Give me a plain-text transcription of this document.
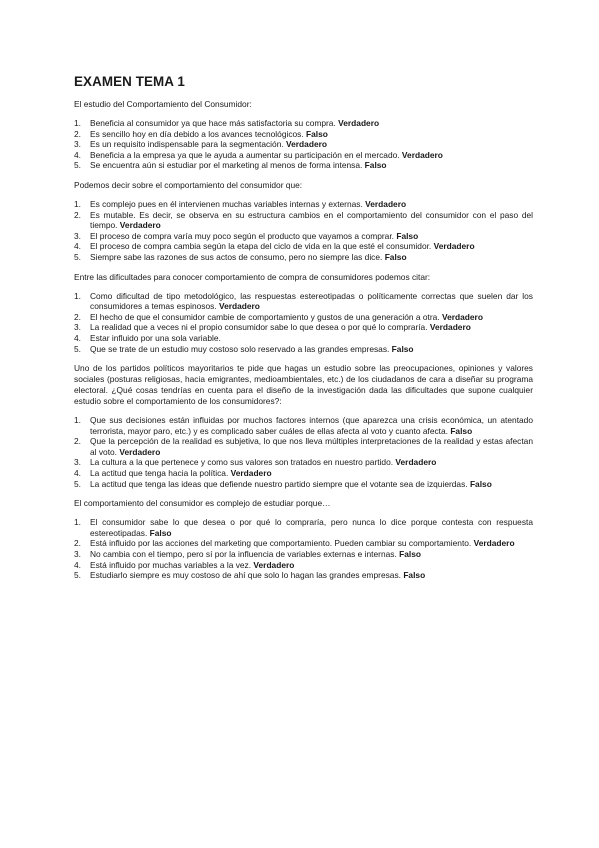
EXAMEN TEMA 1

El estudio del Comportamiento del Consumidor:

1. Beneficia al consumidor ya que hace más satisfactoria su compra. Verdadero
2. Es sencillo hoy en día debido a los avances tecnológicos. Falso
3. Es un requisito indispensable para la segmentación. Verdadero
4. Beneficia a la empresa ya que le ayuda a aumentar su participación en el mercado. Verdadero
5. Se encuentra aún si estudiar por el marketing al menos de forma intensa. Falso

Podemos decir sobre el comportamiento del consumidor que:

1. Es complejo pues en él intervienen muchas variables internas y externas. Verdadero
2. Es mutable. Es decir, se observa en su estructura cambios en el comportamiento del consumidor con el paso del tiempo. Verdadero
3. El proceso de compra varía muy poco según el producto que vayamos a comprar. Falso
4. El proceso de compra cambia según la etapa del ciclo de vida en la que esté el consumidor. Verdadero
5. Siempre sabe las razones de sus actos de consumo, pero no siempre las dice. Falso

Entre las dificultades para conocer comportamiento de compra de consumidores podemos citar:

1. Como dificultad de tipo metodológico, las respuestas estereotipadas o políticamente correctas que suelen dar los consumidores a temas espinosos. Verdadero
2. El hecho de que el consumidor cambie de comportamiento y gustos de una generación a otra. Verdadero
3. La realidad que a veces ni el propio consumidor sabe lo que desea o por qué lo compraría. Verdadero
4. Estar influido por una sola variable.
5. Que se trate de un estudio muy costoso solo reservado a las grandes empresas. Falso

Uno de los partidos políticos mayoritarios te pide que hagas un estudio sobre las preocupaciones, opiniones y valores sociales (posturas religiosas, hacia emigrantes, medioambientales, etc.) de los ciudadanos de cara a diseñar su programa electoral. ¿Qué cosas tendrías en cuenta para el diseño de la investigación dada las dificultades que supone cualquier estudio sobre el comportamiento de los consumidores?:

1. Que sus decisiones están influidas por muchos factores internos (que aparezca una crisis económica, un atentado terrorista, mayor paro, etc.) y es complicado saber cuáles de ellas afecta al voto y cuanto afecta. Falso
2. Que la percepción de la realidad es subjetiva, lo que nos lleva múltiples interpretaciones de la realidad y estas afectan al voto. Verdadero
3. La cultura a la que pertenece y como sus valores son tratados en nuestro partido. Verdadero
4. La actitud que tenga hacia la política. Verdadero
5. La actitud que tenga las ideas que defiende nuestro partido siempre que el votante sea de izquierdas. Falso

El comportamiento del consumidor es complejo de estudiar porque…

1. El consumidor sabe lo que desea o por qué lo compraría, pero nunca lo dice porque contesta con respuesta estereotipadas. Falso
2. Está influido por las acciones del marketing que comportamiento. Pueden cambiar su comportamiento. Verdadero
3. No cambia con el tiempo, pero sí por la influencia de variables externas e internas. Falso
4. Está influido por muchas variables a la vez. Verdadero
5. Estudiarlo siempre es muy costoso de ahí que solo lo hagan las grandes empresas. Falso
